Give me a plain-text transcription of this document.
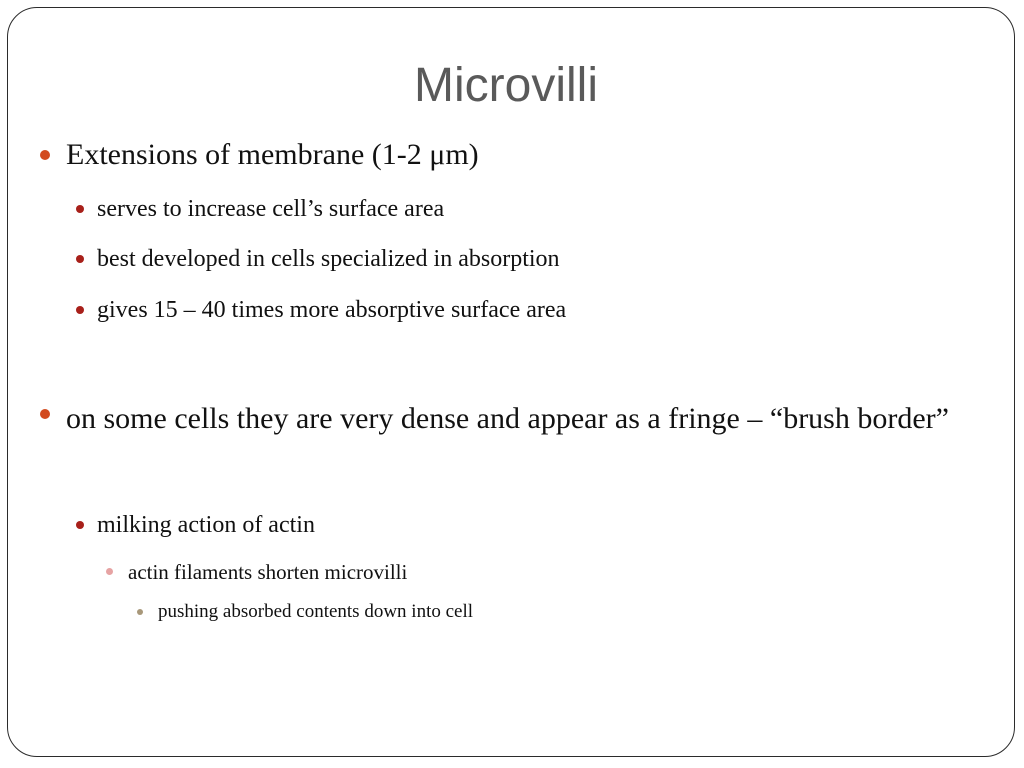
Microvilli
Extensions of membrane (1-2 μm)
serves to increase cell’s surface area
best developed in cells specialized in absorption
gives 15 – 40 times more absorptive surface area
on some cells they are very dense and appear as a fringe – “brush border”
milking action of actin
actin filaments shorten microvilli
pushing absorbed contents down into cell
